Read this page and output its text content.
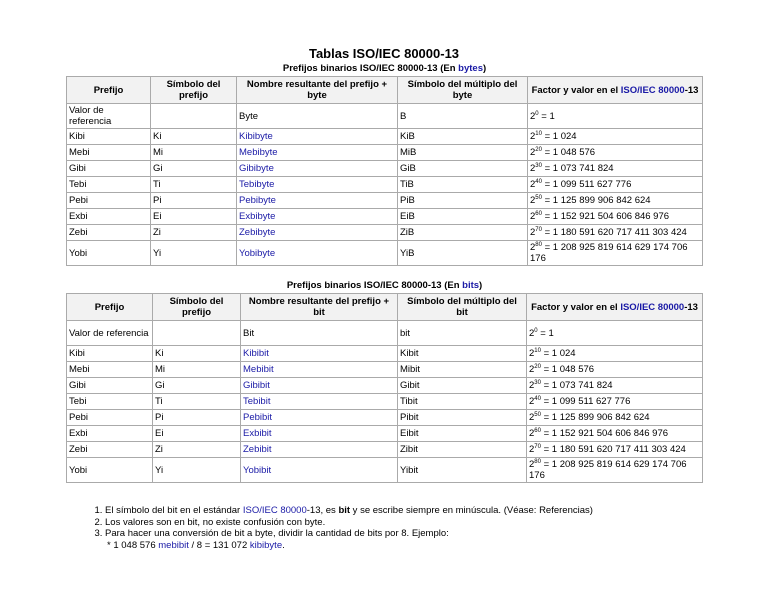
Tablas ISO/IEC 80000-13
Prefijos binarios ISO/IEC 80000-13 (En bytes)				
Prefijo	Símbolo del prefijo	Nombre resultante del prefijo + byte	Símbolo del múltiplo del byte	Factor y valor en el ISO/IEC 80000-13
Valor de referencia		Byte	B	$2^0 = 1$
Kibi	Ki	Kibibyte	KiB	$2^{10} = 1$ 024
Mebi	Mi	Mebibyte	MiB	$2^{20} = 1$ 048 576
Gibi	Gi	Gibibyte	GiB	$2^{30} = 1$ 073 741 824
Tebi	Ti	Tebibyte	TiB	$2^{40} = 1$ 099 511 627 776
Pebi	Pi	Pebibyte	PiB	$2^{50} = 1$ 125 899 906 842 624
Exbi	Ei	Exbibyte	EiB	$2^{60} = 1$ 152 921 504 606 846 976
Zebi	Zi	Zebibyte	ZiB	$2^{70} = 1$ 180 591 620 717 411 303 424
Yobi	Yi	Yobibyte	YiB	$2^{80} = 1$ 208 925 819 614 629 174 706 176
Prefijos binarios ISO/IEC 80000-13 (En bits)				
Prefijo	Símbolo del prefijo	Nombre resultante del prefijo + bit	Símbolo del múltiplo del bit	Factor y valor en el ISO/IEC 80000-13
Valor de referencia		Bit	bit	$2^0 = 1$
Kibi	Ki	Kibibit	Kibit	$2^{10} = 1$ 024
Mebi	Mi	Mebibit	Mibit	$2^{20} = 1$ 048 576
Gibi	Gi	Gibibit	Gibit	$2^{30} = 1$ 073 741 824
Tebi	Ti	Tebibit	Tibit	$2^{40} = 1$ 099 511 627 776
Pebi	Pi	Pebibit	Pibit	$2^{50} = 1$ 125 899 906 842 624
Exbi	Ei	Exbibit	Eibit	$2^{60} = 1$ 152 921 504 606 846 976
Zebi	Zi	Zebibit	Zibit	$2^{70} = 1$ 180 591 620 717 411 303 424
Yobi	Yi	Yobibit	Yibit	$2^{80} = 1$ 208 925 819 614 629 174 706 176
1. El símbolo del bit en el estándar ISO/IEC 80000-13, es bit y se escribe siempre en minúscula. (Véase: Referencias)
2. Los valores son en bit, no existe confusión con byte.
3. Para hacer una conversión de bit a byte, dividir la cantidad de bits por 8. Ejemplo:
* 1 048 576 mebibit / 8 = 131 072 kibibyte.
